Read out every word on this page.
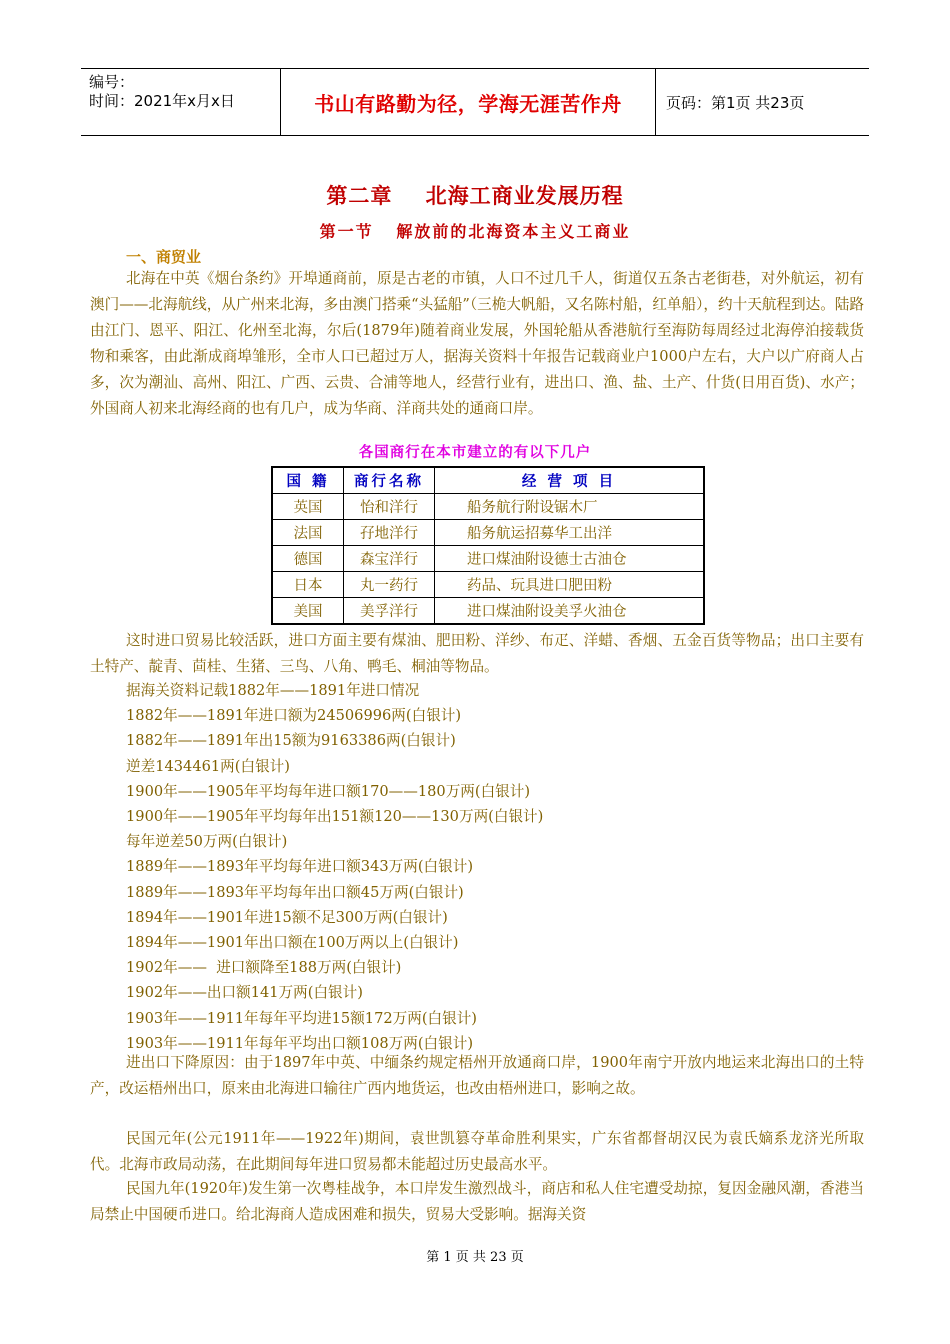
编号：
时间：2021年x月x日	书山有路勤为径，学海无涯苦作舟	页码：第1页 共23页
第二章    北海工商业发展历程
第一节   解放前的北海资本主义工商业
一、商贸业

北海在中英《烟台条约》开埠通商前，原是古老的市镇，人口不过几千人，街道仅五条古老街巷，对外航运，初有澳门——北海航线，从广州来北海，多由澳门搭乘“头猛船”（三桅大帆船，又名陈村船，红单船），约十天航程到达。陆路由江门、恩平、阳江、化州至北海，尔后(1879年)随着商业发展，外国轮船从香港航行至海防每周经过北海停泊接载货物和乘客，由此渐成商埠雏形，全市人口已超过万人，据海关资料十年报告记载商业户1000户左右，大户以广府商人占多，次为潮汕、高州、阳江、广西、云贵、合浦等地人，经营行业有，进出口、渔、盐、土产、什货(日用百货)、水产；外国商人初来北海经商的也有几户，成为华商、洋商共处的通商口岸。

各国商行在本市建立的有以下几户
国 籍	商行名称	经 营 项 目
英国	怡和洋行	船务航行附设锯木厂
法国	孖地洋行	船务航运招募华工出洋
德国	森宝洋行	进口煤油附设德士古油仓
日本	丸一药行	药品、玩具进口肥田粉
美国	美孚洋行	进口煤油附设美孚火油仓

这时进口贸易比较活跃，进口方面主要有煤油、肥田粉、洋纱、布疋、洋蜡、香烟、五金百货等物品；出口主要有土特产、靛青、茴桂、生猪、三鸟、八角、鸭毛、桐油等物品。

据海关资料记载1882年——1891年进口情况
1882年——1891年进口额为24506996两(白银计)
1882年——1891年出15额为9163386两(白银计)
逆差1434461两(白银计)
1900年——1905年平均每年进口额170——180万两(白银计)
1900年——1905年平均每年出151额120——130万两(白银计)
每年逆差50万两(白银计)
1889年——1893年平均每年进口额343万两(白银计)
1889年——1893年平均每年出口额45万两(白银计)
1894年——1901年进15额不足300万两(白银计)
1894年——1901年出口额在100万两以上(白银计)
1902年——  进口额降至188万两(白银计)
1902年——出口额141万两(白银计)
1903年——1911年每年平均进15额172万两(白银计)
1903年——1911年每年平均出口额108万两(白银计)

进出口下降原因：由于1897年中英、中缅条约规定梧州开放通商口岸，1900年南宁开放内地运来北海出口的土特产，改运梧州出口，原来由北海进口输往广西内地货运，也改由梧州进口，影响之故。

民国元年(公元1911年——1922年)期间，袁世凯篡夺革命胜利果实，广东省都督胡汉民为袁氏嫡系龙济光所取代。北海市政局动荡，在此期间每年进口贸易都未能超过历史最高水平。

民国九年(1920年)发生第一次粤桂战争，本口岸发生激烈战斗，商店和私人住宅遭受劫掠，复因金融风潮，香港当局禁止中国硬币进口。给北海商人造成困难和损失，贸易大受影响。据海关资

第 1 页 共 23 页
